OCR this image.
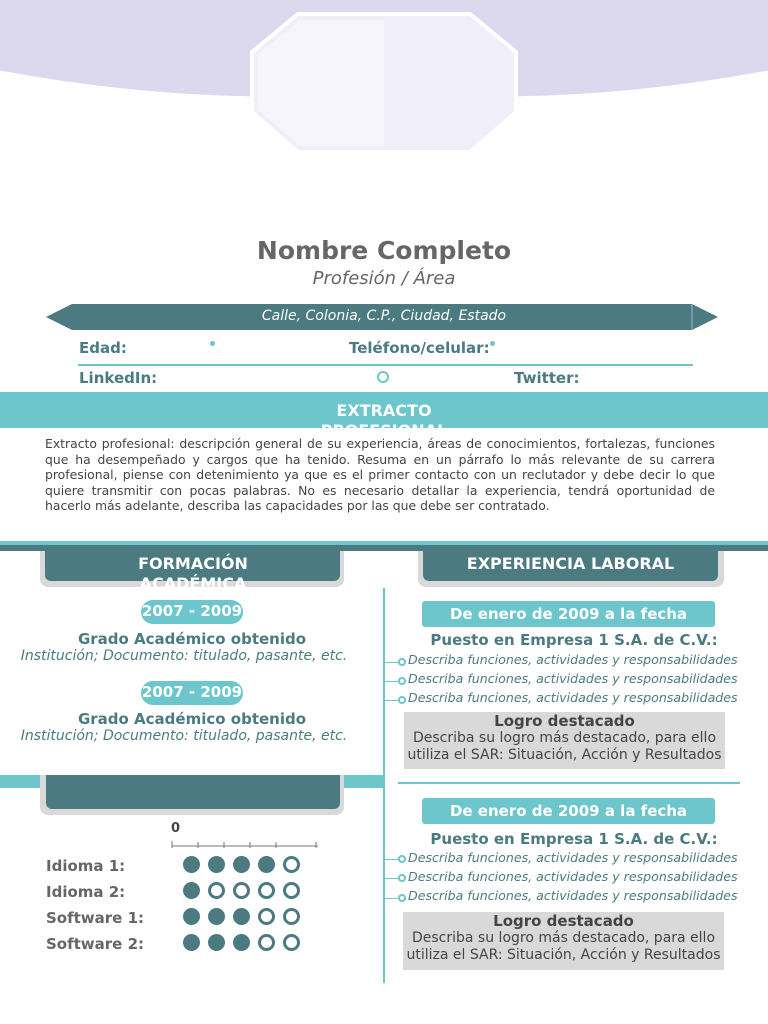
Nombre Completo
Profesión / Área
Calle, Colonia, C.P., Ciudad, Estado
Edad:	Teléfono/celular:
LinkedIn:	Twitter:
EXTRACTO PROFESIONAL
Extracto profesional: descripción general de su experiencia, áreas de conocimientos, fortalezas, funciones que ha desempeñado y cargos que ha tenido. Resuma en un párrafo lo más relevante de su carrera profesional, piense con detenimiento ya que es el primer contacto con un reclutador y debe decir lo que quiere transmitir con pocas palabras. No es necesario detallar la experiencia, tendrá oportunidad de hacerlo más adelante, describa las capacidades por las que debe ser contratado.
FORMACIÓN ACADÉMICA
EXPERIENCIA LABORAL
2007 - 2009
Grado Académico obtenido
Institución; Documento: titulado, pasante, etc.
2007 - 2009
Grado Académico obtenido
Institución; Documento: titulado, pasante, etc.
0
Idioma 1:
Idioma 2:
Software 1:
Software 2:
De enero de 2009 a la fecha
Puesto en Empresa 1 S.A. de C.V.:
Describa funciones, actividades y responsabilidades
Describa funciones, actividades y responsabilidades
Describa funciones, actividades y responsabilidades
Logro destacado
Describa su logro más destacado, para ello utiliza el SAR: Situación, Acción y Resultados
De enero de 2009 a la fecha
Puesto en Empresa 1 S.A. de C.V.:
Describa funciones, actividades y responsabilidades
Describa funciones, actividades y responsabilidades
Describa funciones, actividades y responsabilidades
Logro destacado
Describa su logro más destacado, para ello utiliza el SAR: Situación, Acción y Resultados
